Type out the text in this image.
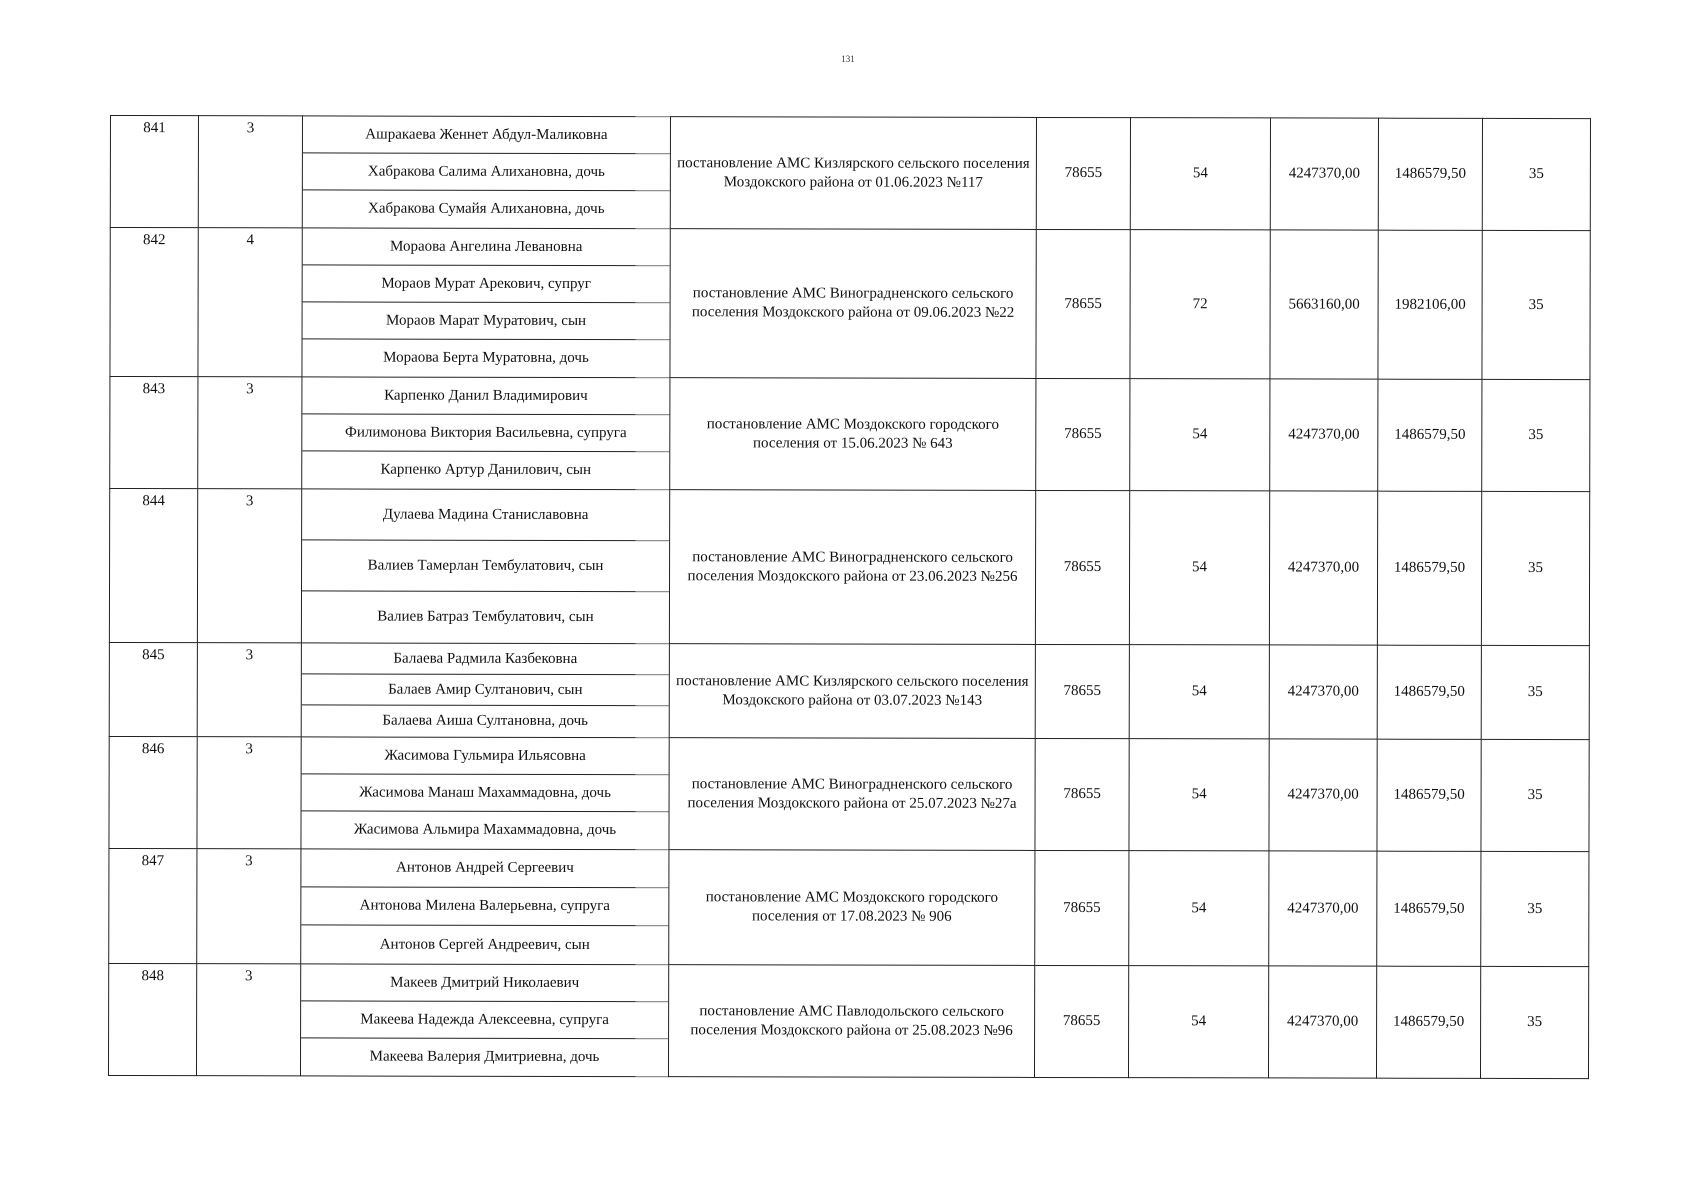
131
841	3	Ашракаева Женнет Абдул-Маликовна
Хабракова Салима Алихановна, дочь
Хабракова Сумайя Алихановна, дочь	постановление АМС Кизлярского сельского поселения Моздокского района от 01.06.2023 №117	78655	54	4247370,00	1486579,50	35
842	4	Мораова Ангелина Левановна
Мораов Мурат Арекович, супруг
Мораов Марат Муратович, сын
Мораова Берта Муратовна, дочь	постановление АМС Виноградненского сельского поселения Моздокского района от 09.06.2023 №22	78655	72	5663160,00	1982106,00	35
843	3	Карпенко Данил Владимирович
Филимонова Виктория Васильевна, супруга
Карпенко Артур Данилович, сын	постановление АМС Моздокского городского поселения от 15.06.2023 № 643	78655	54	4247370,00	1486579,50	35
844	3	Дулаева Мадина Станиславовна
Валиев Тамерлан Тембулатович, сын
Валиев Батраз Тембулатович, сын	постановление АМС Виноградненского сельского поселения Моздокского района от 23.06.2023 №256	78655	54	4247370,00	1486579,50	35
845	3	Балаева Радмила Казбековна
Балаев Амир Султанович, сын
Балаева Аиша Султановна, дочь	постановление АМС Кизлярского сельского поселения Моздокского района от 03.07.2023 №143	78655	54	4247370,00	1486579,50	35
846	3	Жасимова Гульмира Ильясовна
Жасимова Манаш Махаммадовна, дочь
Жасимова Альмира Махаммадовна, дочь	постановление АМС Виноградненского сельского поселения Моздокского района от 25.07.2023 №27а	78655	54	4247370,00	1486579,50	35
847	3	Антонов Андрей Сергеевич
Антонова Милена Валерьевна, супруга
Антонов Сергей Андреевич, сын	постановление АМС Моздокского городского поселения от 17.08.2023 № 906	78655	54	4247370,00	1486579,50	35
848	3	Макеев Дмитрий Николаевич
Макеева Надежда Алексеевна, супруга
Макеева Валерия Дмитриевна, дочь	постановление АМС Павлодольского сельского поселения Моздокского района от 25.08.2023 №96	78655	54	4247370,00	1486579,50	35
